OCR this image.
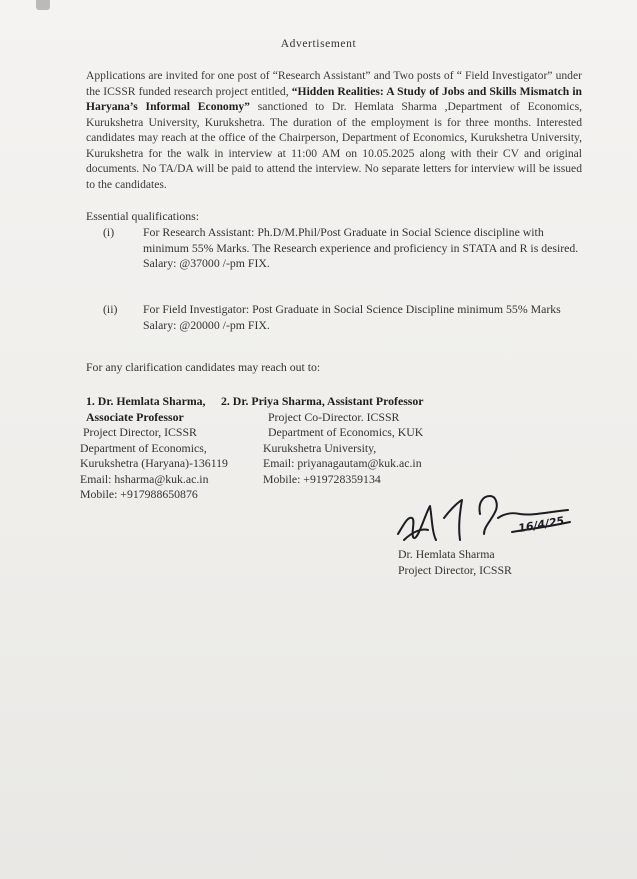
Advertisement
Applications are invited for one post of “Research Assistant” and Two posts of “ Field Investigator” under the ICSSR funded research project entitled, “Hidden Realities: A Study of Jobs and Skills Mismatch in Haryana’s Informal Economy” sanctioned to Dr. Hemlata Sharma ,Department of Economics, Kurukshetra University, Kurukshetra. The duration of the employment is for three months. Interested candidates may reach at the office of the Chairperson, Department of Economics, Kurukshetra University, Kurukshetra for the walk in interview at 11:00 AM on 10.05.2025 along with their CV and original documents. No TA/DA will be paid to attend the interview. No separate letters for interview will be issued to the candidates.
Essential qualifications:
(i)	For Research Assistant: Ph.D/M.Phil/Post Graduate in Social Science discipline with minimum 55% Marks. The Research experience and proficiency in STATA and R is desired.
Salary: @37000 /-pm FIX.
(ii)	For Field Investigator: Post Graduate in Social Science Discipline minimum 55% Marks
Salary: @20000 /-pm FIX.
For any clarification candidates may reach out to:
1. Dr. Hemlata Sharma,
Associate Professor
Project Director, ICSSR
Department of Economics,
Kurukshetra (Haryana)-136119
Email: hsharma@kuk.ac.in
Mobile: +917988650876
2. Dr. Priya Sharma, Assistant Professor
Project Co-Director. ICSSR
Department of Economics, KUK
Kurukshetra University,
Email: priyanagautam@kuk.ac.in
Mobile: +919728359134
16/4/25
Dr. Hemlata Sharma
Project Director, ICSSR
